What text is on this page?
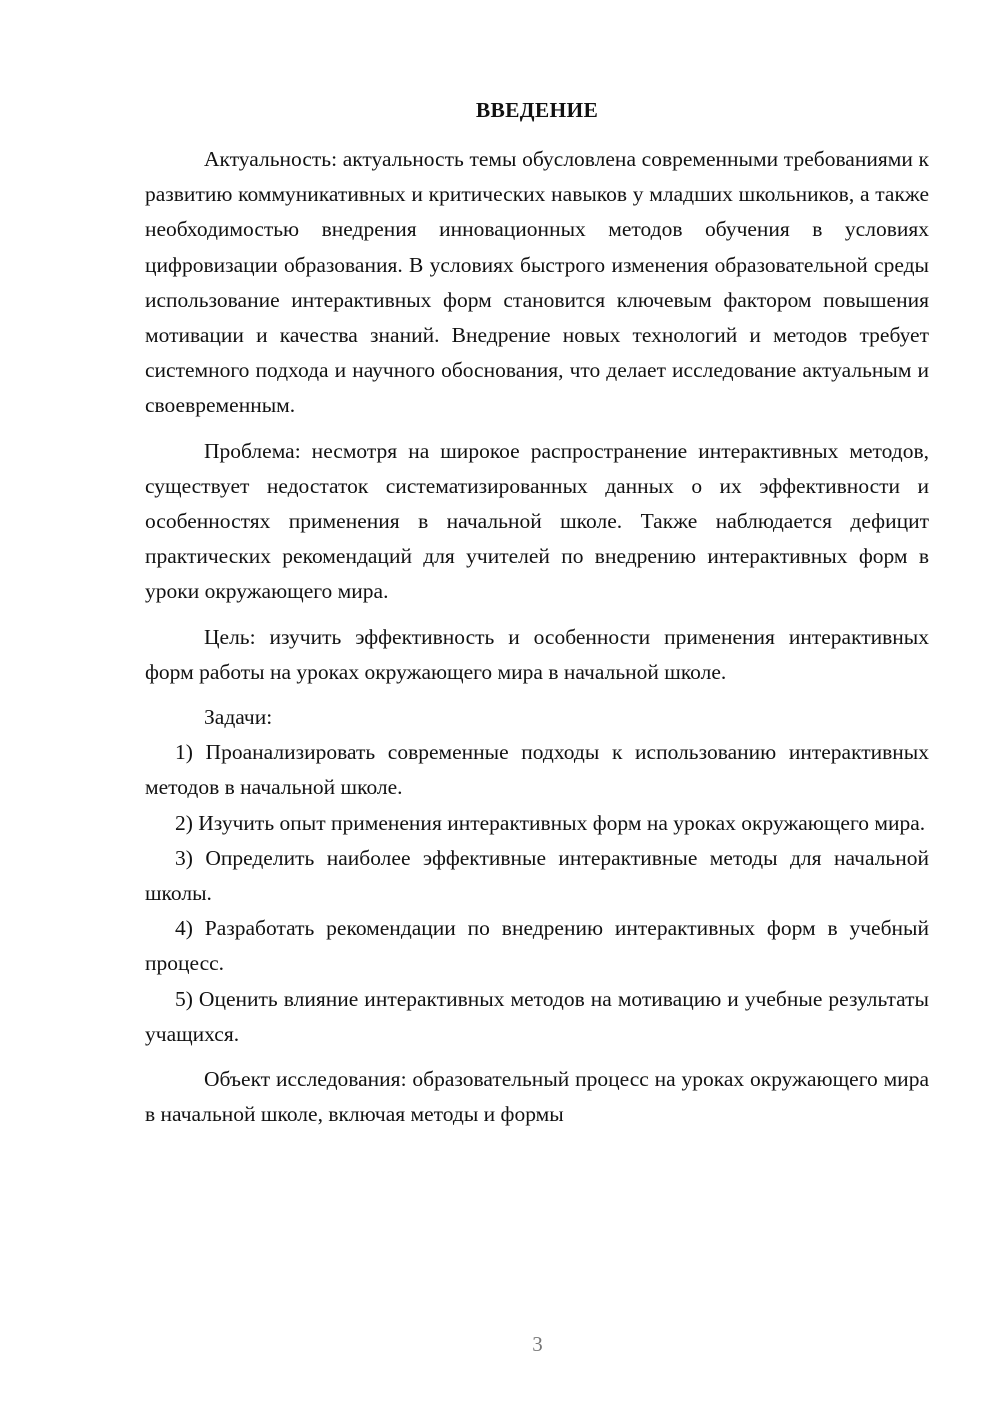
ВВЕДЕНИЕ

Актуальность: актуальность темы обусловлена современными требованиями к развитию коммуникативных и критических навыков у младших школьников, а также необходимостью внедрения инновационных методов обучения в условиях цифровизации образования. В условиях быстрого изменения образовательной среды использование интерактивных форм становится ключевым фактором повышения мотивации и качества знаний. Внедрение новых технологий и методов требует системного подхода и научного обоснования, что делает исследование актуальным и своевременным.

Проблема: несмотря на широкое распространение интерактивных методов, существует недостаток систематизированных данных о их эффективности и особенностях применения в начальной школе. Также наблюдается дефицит практических рекомендаций для учителей по внедрению интерактивных форм в уроки окружающего мира.

Цель: изучить эффективность и особенности применения интерактивных форм работы на уроках окружающего мира в начальной школе.

Задачи:

1) Проанализировать современные подходы к использованию интерактивных методов в начальной школе.

2) Изучить опыт применения интерактивных форм на уроках окружающего мира.

3) Определить наиболее эффективные интерактивные методы для начальной школы.

4) Разработать рекомендации по внедрению интерактивных форм в учебный процесс.

5) Оценить влияние интерактивных методов на мотивацию и учебные результаты учащихся.

Объект исследования: образовательный процесс на уроках окружающего мира в начальной школе, включая методы и формы

3
